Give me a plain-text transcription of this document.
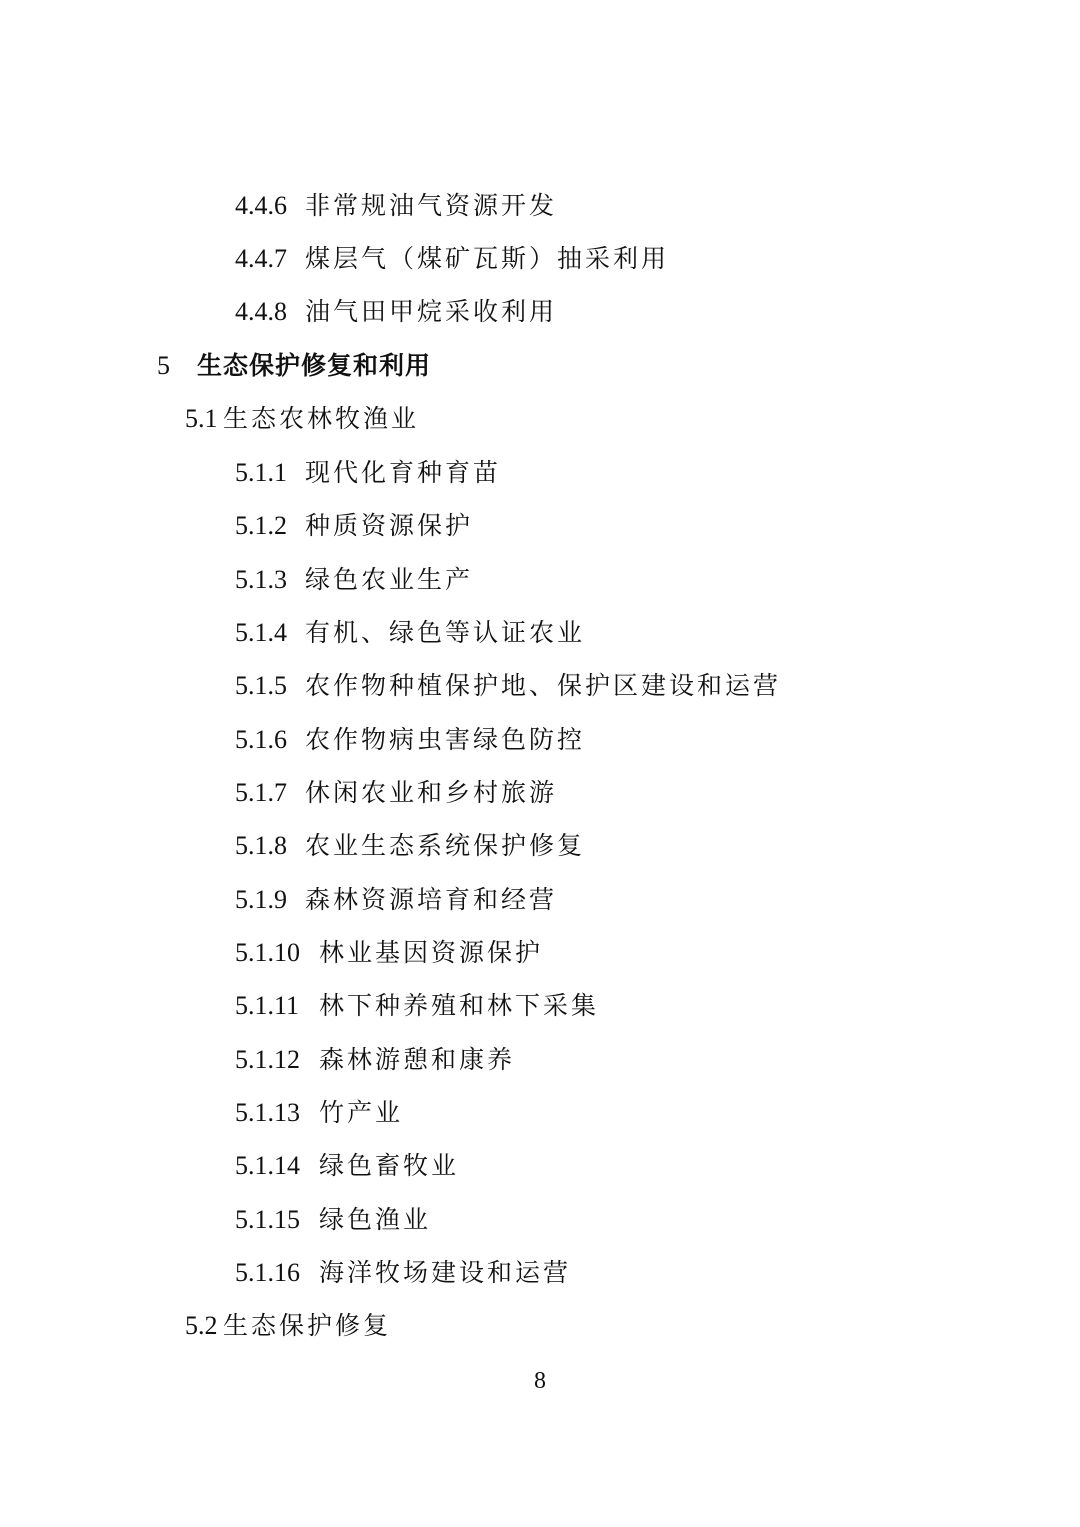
4.4.6 非常规油气资源开发
4.4.7 煤层气（煤矿瓦斯）抽采利用
4.4.8 油气田甲烷采收利用
5 生态保护修复和利用
5.1 生态农林牧渔业
5.1.1 现代化育种育苗
5.1.2 种质资源保护
5.1.3 绿色农业生产
5.1.4 有机、绿色等认证农业
5.1.5 农作物种植保护地、保护区建设和运营
5.1.6 农作物病虫害绿色防控
5.1.7 休闲农业和乡村旅游
5.1.8 农业生态系统保护修复
5.1.9 森林资源培育和经营
5.1.10 林业基因资源保护
5.1.11 林下种养殖和林下采集
5.1.12 森林游憩和康养
5.1.13 竹产业
5.1.14 绿色畜牧业
5.1.15 绿色渔业
5.1.16 海洋牧场建设和运营
5.2 生态保护修复
8
